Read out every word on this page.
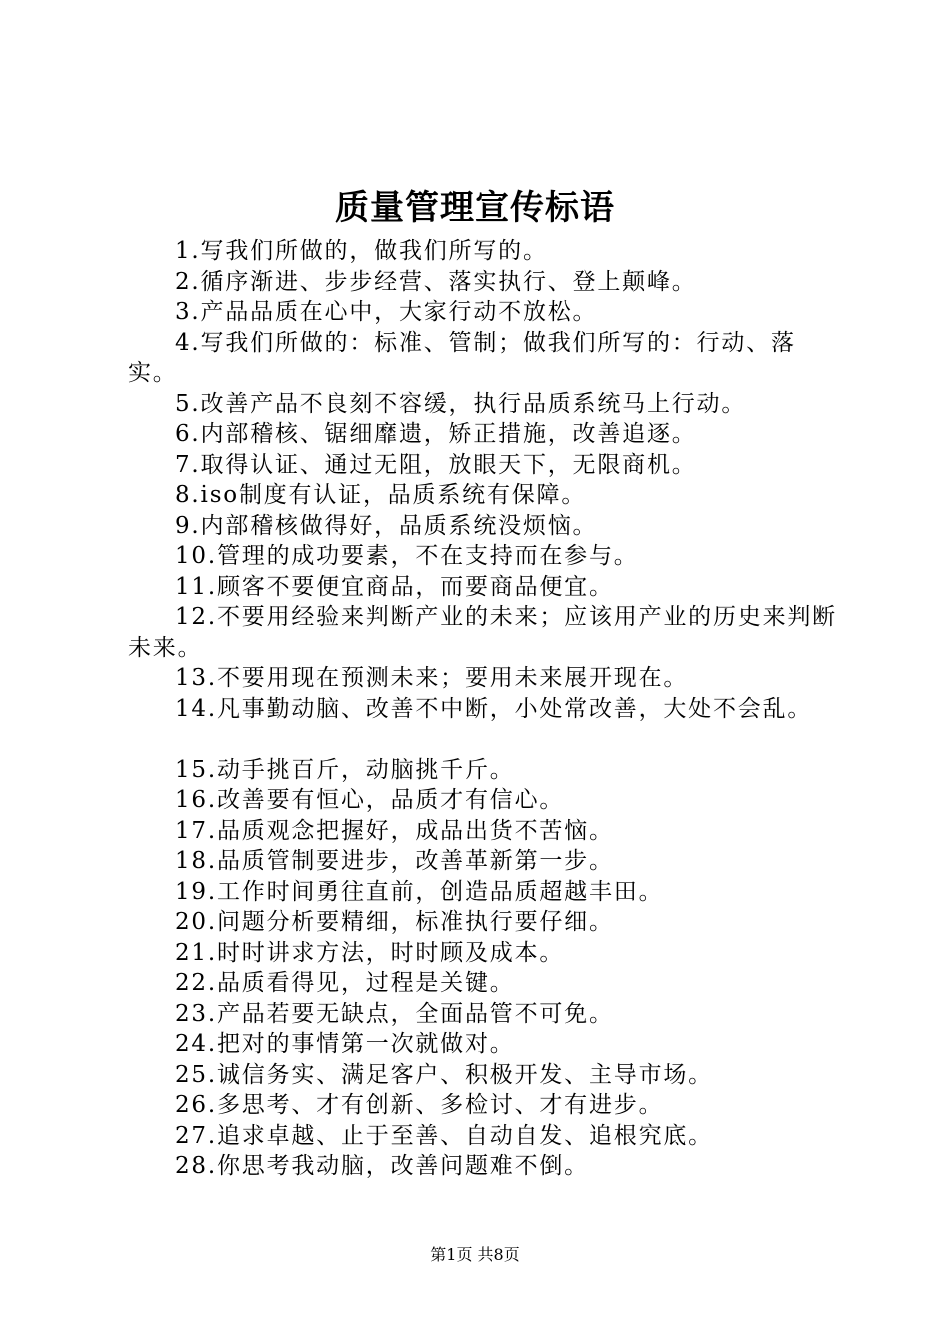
质量管理宣传标语
1.写我们所做的，做我们所写的。
2.循序渐进、步步经营、落实执行、登上颠峰。
3.产品品质在心中，大家行动不放松。
4.写我们所做的：标准、管制；做我们所写的：行动、落实。
5.改善产品不良刻不容缓，执行品质系统马上行动。
6.内部稽核、锯细靡遗，矫正措施，改善追逐。
7.取得认证、通过无阻，放眼天下，无限商机。
8.iso制度有认证，品质系统有保障。
9.内部稽核做得好，品质系统没烦恼。
10.管理的成功要素，不在支持而在参与。
11.顾客不要便宜商品，而要商品便宜。
12.不要用经验来判断产业的未来；应该用产业的历史来判断未来。
13.不要用现在预测未来；要用未来展开现在。
14.凡事勤动脑、改善不中断，小处常改善，大处不会乱。
15.动手挑百斤，动脑挑千斤。
16.改善要有恒心，品质才有信心。
17.品质观念把握好，成品出货不苦恼。
18.品质管制要进步，改善革新第一步。
19.工作时间勇往直前，创造品质超越丰田。
20.问题分析要精细，标准执行要仔细。
21.时时讲求方法，时时顾及成本。
22.品质看得见，过程是关键。
23.产品若要无缺点，全面品管不可免。
24.把对的事情第一次就做对。
25.诚信务实、满足客户、积极开发、主导市场。
26.多思考、才有创新、多检讨、才有进步。
27.追求卓越、止于至善、自动自发、追根究底。
28.你思考我动脑，改善问题难不倒。
第1页 共8页
